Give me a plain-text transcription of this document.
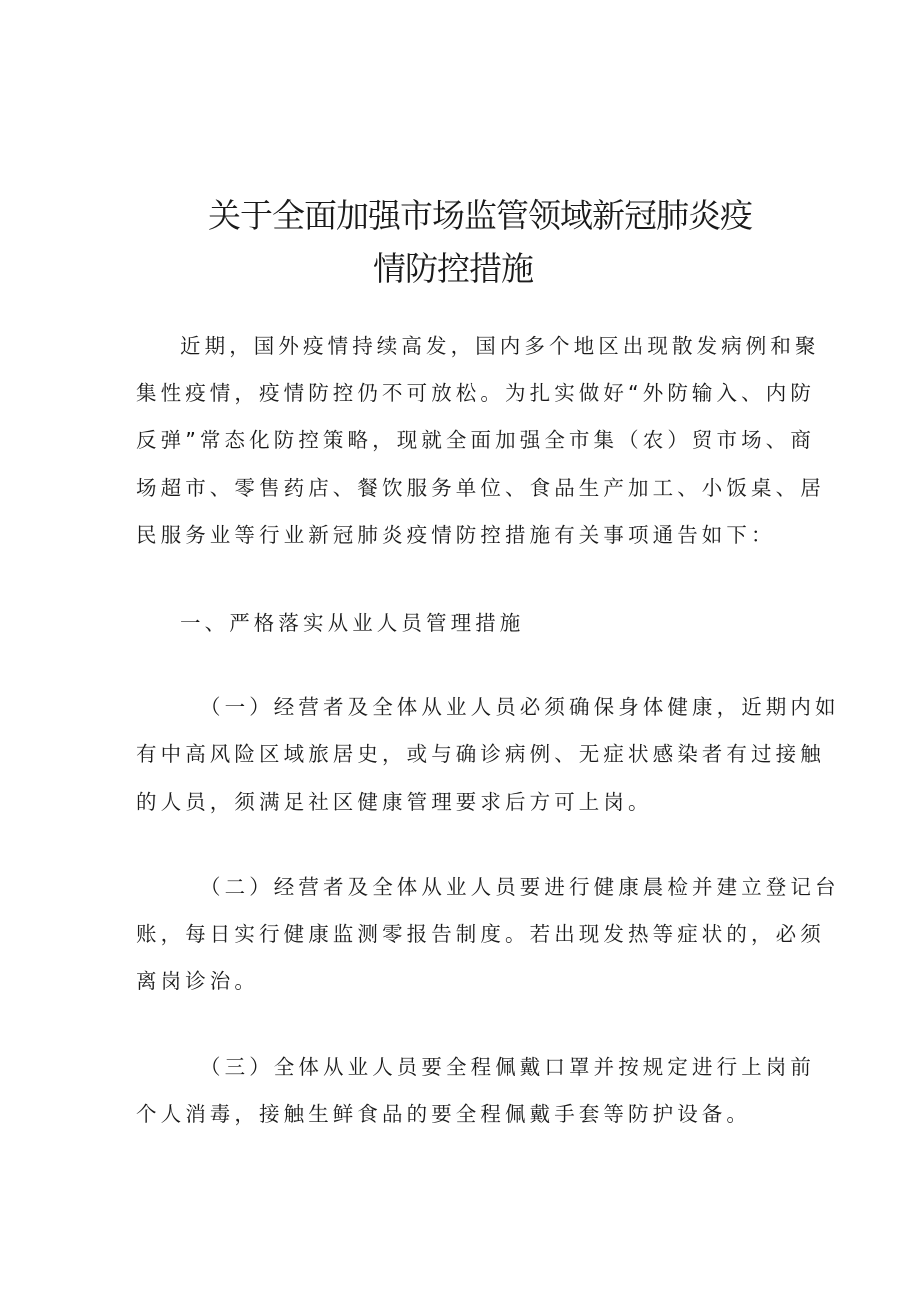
关于全面加强市场监管领域新冠肺炎疫
情防控措施

近期，国外疫情持续高发，国内多个地区出现散发病例和聚

集性疫情，疫情防控仍不可放松。为扎实做好“外防输入、内防

反弹”常态化防控策略，现就全面加强全市集（农）贸市场、商

场超市、零售药店、餐饮服务单位、食品生产加工、小饭桌、居

民服务业等行业新冠肺炎疫情防控措施有关事项通告如下：

一、严格落实从业人员管理措施

（一）经营者及全体从业人员必须确保身体健康，近期内如

有中高风险区域旅居史，或与确诊病例、无症状感染者有过接触

的人员，须满足社区健康管理要求后方可上岗。

（二）经营者及全体从业人员要进行健康晨检并建立登记台

账，每日实行健康监测零报告制度。若出现发热等症状的，必须

离岗诊治。

（三）全体从业人员要全程佩戴口罩并按规定进行上岗前

个人消毒，接触生鲜食品的要全程佩戴手套等防护设备。
